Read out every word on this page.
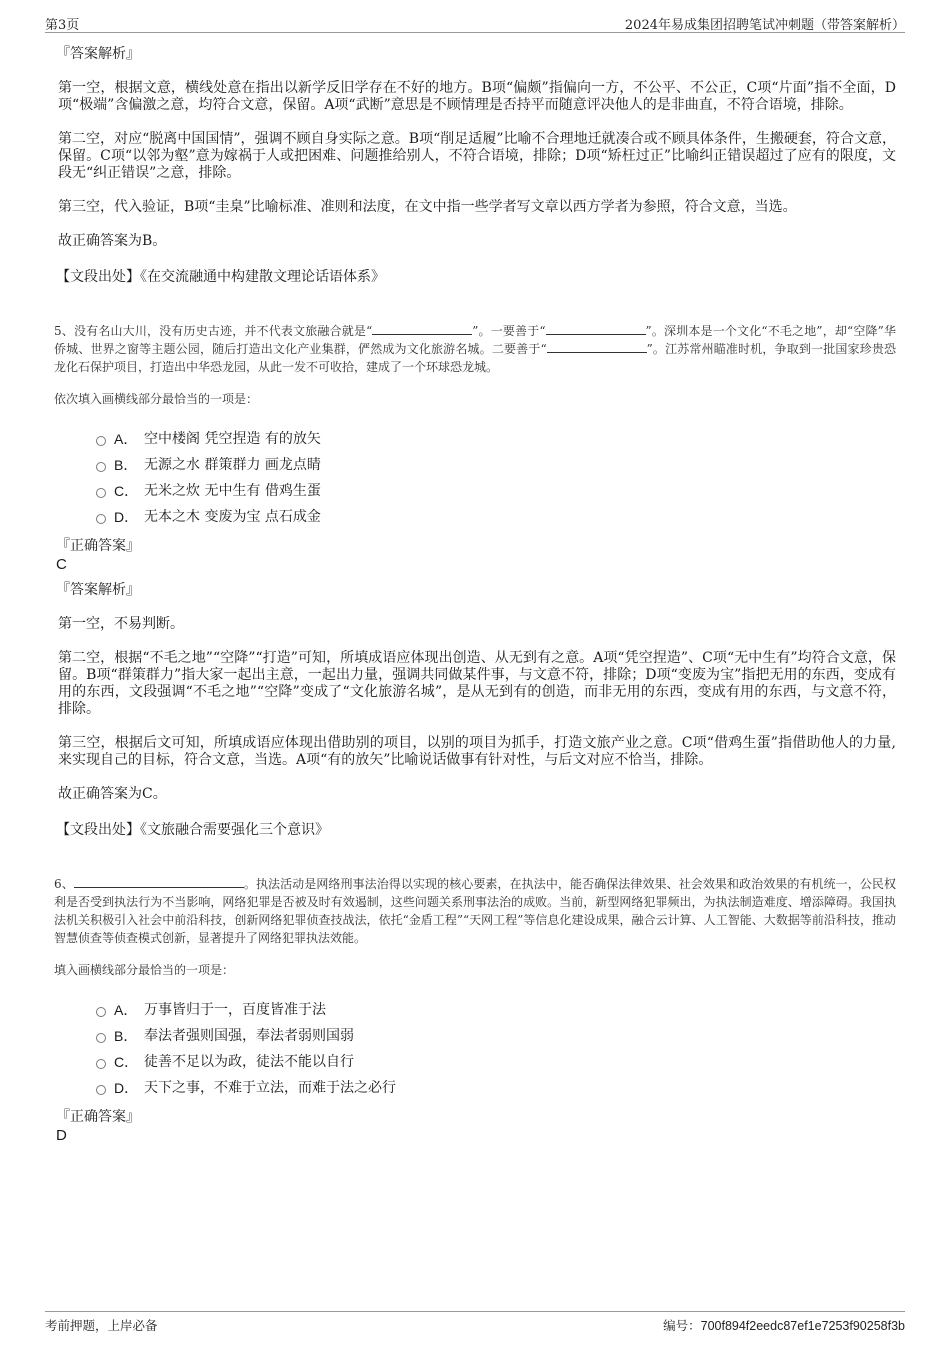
第3页	2024年易成集团招聘笔试冲刺题（带答案解析）
『答案解析』

第一空，根据文意，横线处意在指出以新学反旧学存在不好的地方。B项“偏颇”指偏向一方，不公平、不公正，C项“片面”指不全面，D项“极端”含偏激之意，均符合文意，保留。A项“武断”意思是不顾情理是否持平而随意评决他人的是非曲直，不符合语境，排除。

第二空，对应“脱离中国国情”，强调不顾自身实际之意。B项“削足适履”比喻不合理地迁就凑合或不顾具体条件，生搬硬套，符合文意，保留。C项“以邻为壑”意为嫁祸于人或把困难、问题推给别人，不符合语境，排除；D项“矫枉过正”比喻纠正错误超过了应有的限度，文段无“纠正错误”之意，排除。

第三空，代入验证，B项“圭臬”比喻标准、准则和法度，在文中指一些学者写文章以西方学者为参照，符合文意，当选。

故正确答案为B。

【文段出处】《在交流融通中构建散文理论话语体系》
5、没有名山大川，没有历史古迹，并不代表文旅融合就是“	”。一要善于“	”。深圳本是一个文化“不毛之地”，却“空降”华侨城、世界之窗等主题公园，随后打造出文化产业集群，俨然成为文化旅游名城。二要善于“	”。江苏常州瞄准时机，争取到一批国家珍贵恐龙化石保护项目，打造出中华恐龙园，从此一发不可收拾，建成了一个环球恐龙城。
依次填入画横线部分最恰当的一项是：
A． 空中楼阁 凭空捏造 有的放矢
B． 无源之水 群策群力 画龙点睛
C． 无米之炊 无中生有 借鸡生蛋
D． 无本之木 变废为宝 点石成金
『正确答案』
C
『答案解析』

第一空，不易判断。

第二空，根据“不毛之地”“空降”“打造”可知，所填成语应体现出创造、从无到有之意。A项“凭空捏造”、C项“无中生有”均符合文意，保留。B项“群策群力”指大家一起出主意，一起出力量，强调共同做某件事，与文意不符，排除；D项“变废为宝”指把无用的东西，变成有用的东西，文段强调“不毛之地”“空降”变成了“文化旅游名城”，是从无到有的创造，而非无用的东西，变成有用的东西，与文意不符，排除。

第三空，根据后文可知，所填成语应体现出借助别的项目，以别的项目为抓手，打造文旅产业之意。C项“借鸡生蛋”指借助他人的力量,来实现自己的目标，符合文意，当选。A项“有的放矢”比喻说话做事有针对性，与后文对应不恰当，排除。

故正确答案为C。

【文段出处】《文旅融合需要强化三个意识》
6、	。执法活动是网络刑事法治得以实现的核心要素，在执法中，能否确保法律效果、社会效果和政治效果的有机统一，公民权利是否受到执法行为不当影响，网络犯罪是否被及时有效遏制，这些问题关系刑事法治的成败。当前，新型网络犯罪频出，为执法制造难度、增添障碍。我国执法机关积极引入社会中前沿科技，创新网络犯罪侦查技战法，依托“金盾工程”“天网工程”等信息化建设成果，融合云计算、人工智能、大数据等前沿科技，推动智慧侦查等侦查模式创新，显著提升了网络犯罪执法效能。
填入画横线部分最恰当的一项是：
A． 万事皆归于一，百度皆准于法
B． 奉法者强则国强，奉法者弱则国弱
C． 徒善不足以为政，徒法不能以自行
D． 天下之事，不难于立法，而难于法之必行
『正确答案』
D
考前押题，上岸必备	编号：700f894f2eedc87ef1e7253f90258f3b
